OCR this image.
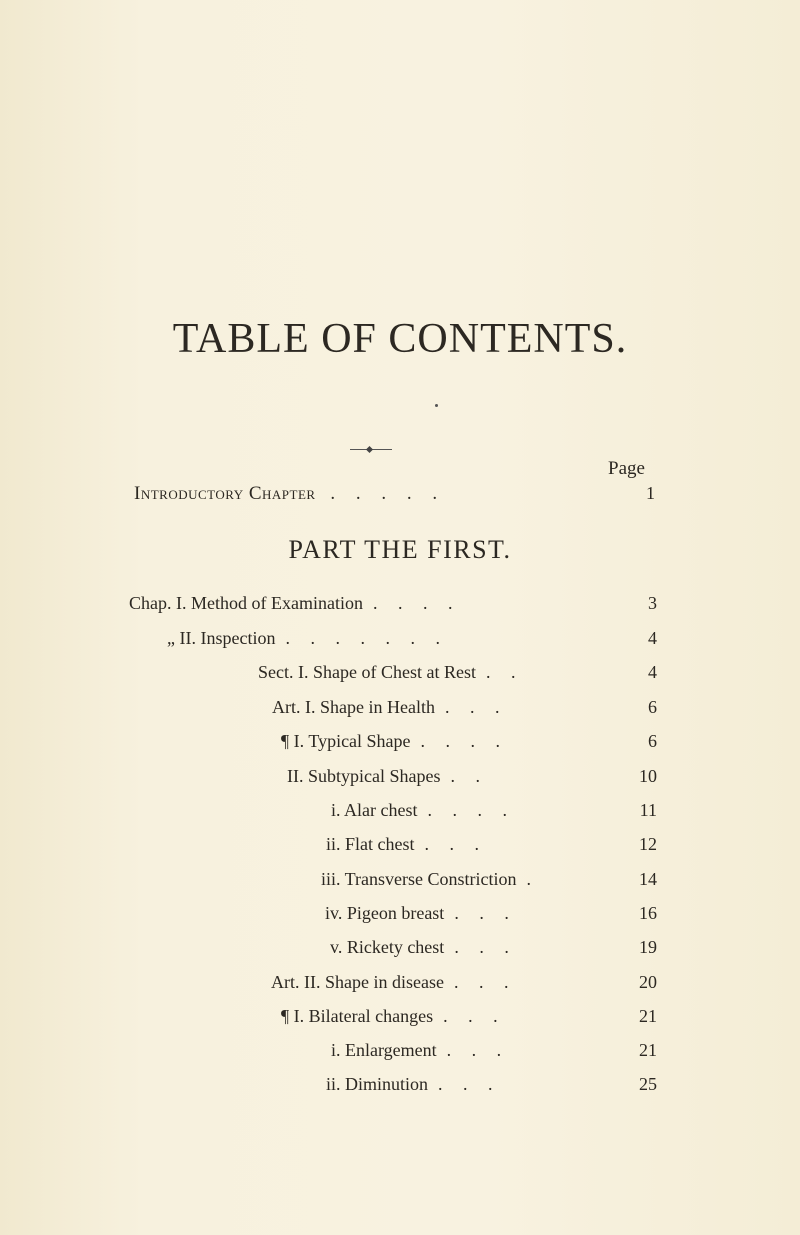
TABLE OF CONTENTS.
Page
Introductory Chapter . . . . .	1
PART THE FIRST.
Chap. I. Method of Examination . . . .	3
„ II. Inspection . . . . . . .	4
Sect. I. Shape of Chest at Rest . .	4
Art. I. Shape in Health . . .	6
¶ I. Typical Shape . . . .	6
II. Subtypical Shapes . .	10
i. Alar chest . . . .	11
ii. Flat chest . . .	12
iii. Transverse Constriction .	14
iv. Pigeon breast . . .	16
v. Rickety chest . . .	19
Art. II. Shape in disease . . .	20
¶ I. Bilateral changes . . .	21
i. Enlargement . . .	21
ii. Diminution . . .	25
